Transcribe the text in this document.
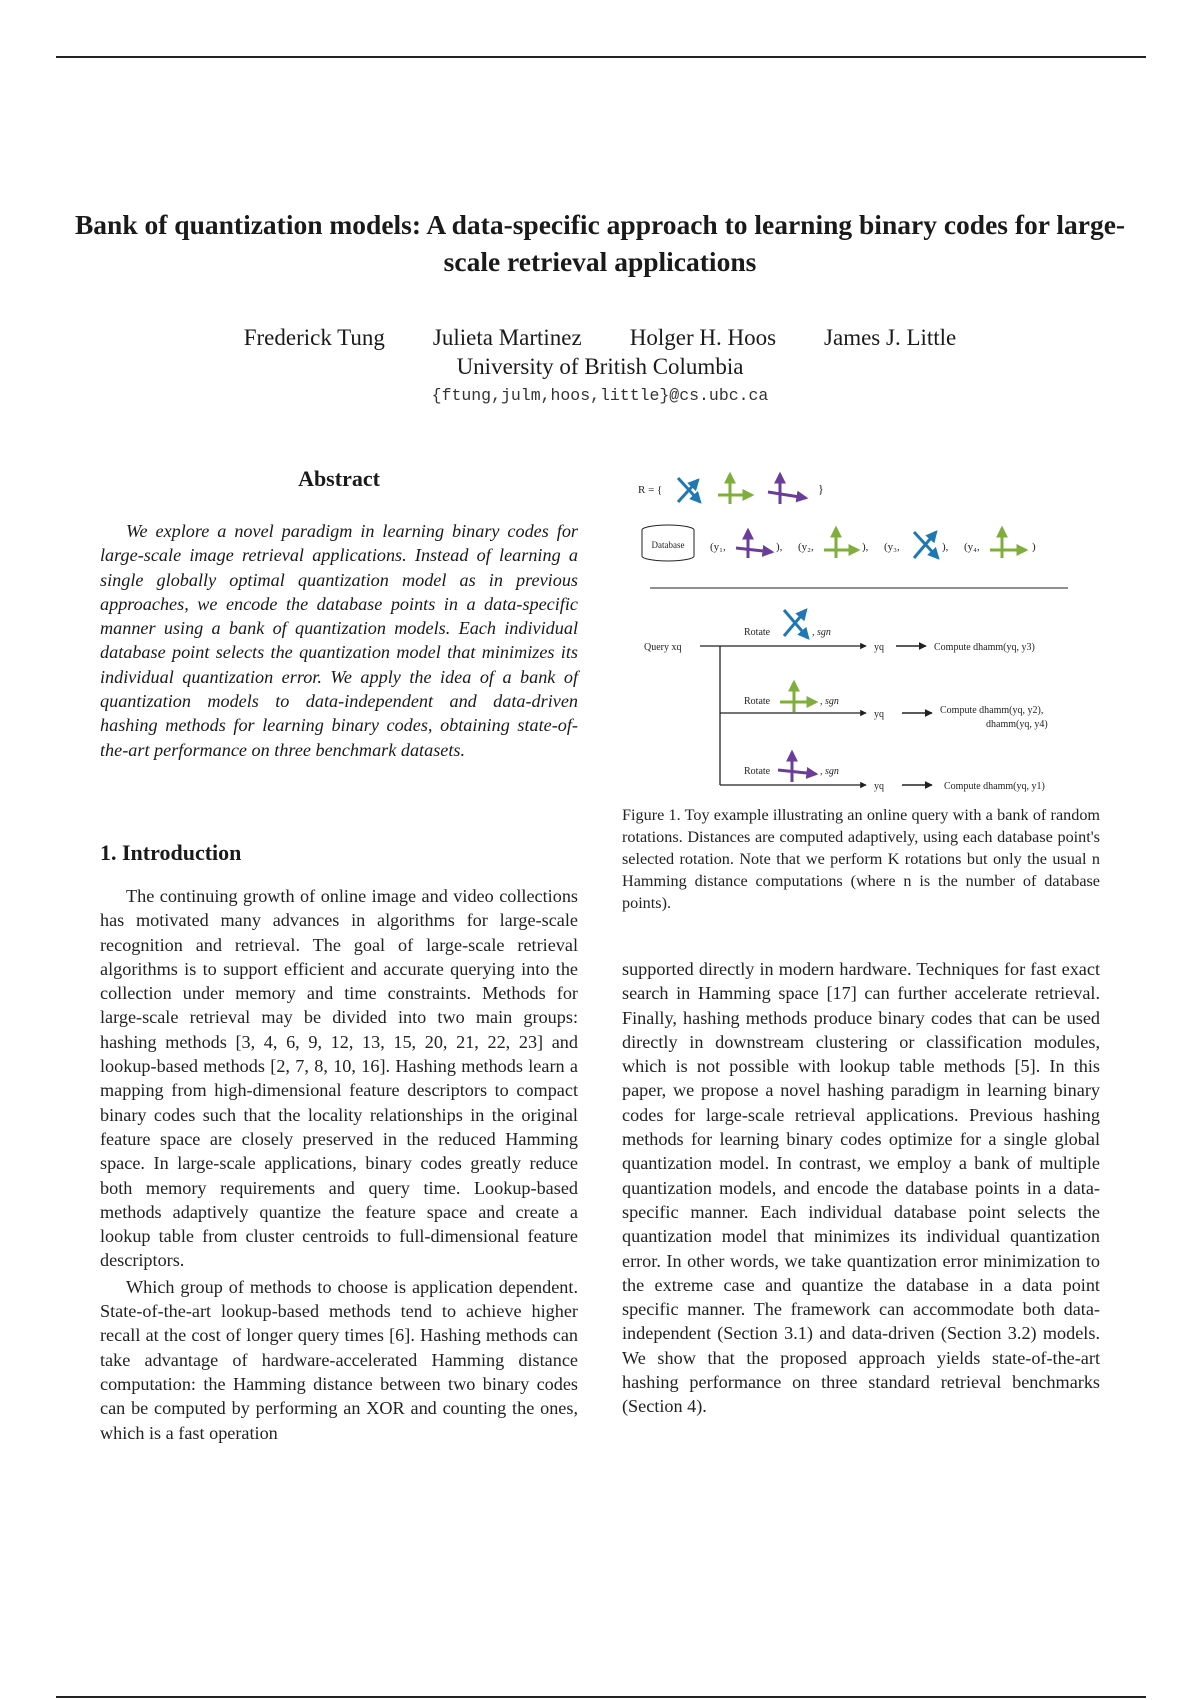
Bank of quantization models: A data-specific approach to learning binary codes for large-scale retrieval applications
Frederick Tung Julieta Martinez Holger H. Hoos James J. Little
University of British Columbia
{ftung,julm,hoos,little}@cs.ubc.ca
Abstract

We explore a novel paradigm in learning binary codes for large-scale image retrieval applications. Instead of learning a single globally optimal quantization model as in previous approaches, we encode the database points in a data-specific manner using a bank of quantization models. Each individual database point selects the quantization model that minimizes its individual quantization error. We apply the idea of a bank of quantization models to data-independent and data-driven hashing methods for learning binary codes, obtaining state-of-the-art performance on three benchmark datasets.

1. Introduction

The continuing growth of online image and video collections has motivated many advances in algorithms for large-scale recognition and retrieval. The goal of large-scale retrieval algorithms is to support efficient and accurate querying into the collection under memory and time constraints. Methods for large-scale retrieval may be divided into two main groups: hashing methods [3, 4, 6, 9, 12, 13, 15, 20, 21, 22, 23] and lookup-based methods [2, 7, 8, 10, 16]. Hashing methods learn a mapping from high-dimensional feature descriptors to compact binary codes such that the locality relationships in the original feature space are closely preserved in the reduced Hamming space. In large-scale applications, binary codes greatly reduce both memory requirements and query time. Lookup-based methods adaptively quantize the feature space and create a lookup table from cluster centroids to full-dimensional feature descriptors.

Which group of methods to choose is application dependent. State-of-the-art lookup-based methods tend to achieve higher recall at the cost of longer query times [6]. Hashing methods can take advantage of hardware-accelerated Hamming distance computation: the Hamming distance between two binary codes can be computed by performing an XOR and counting the ones, which is a fast operation

supported directly in modern hardware. Techniques for fast exact search in Hamming space [17] can further accelerate retrieval. Finally, hashing methods produce binary codes that can be used directly in downstream clustering or classification modules, which is not possible with lookup table methods [5]. In this paper, we propose a novel hashing paradigm in learning binary codes for large-scale retrieval applications. Previous hashing methods for learning binary codes optimize for a single global quantization model. In contrast, we employ a bank of multiple quantization models, and encode the database points in a data-specific manner. Each individual database point selects the quantization model that minimizes its individual quantization error. In other words, we take quantization error minimization to the extreme case and quantize the database in a data point specific manner. The framework can accommodate both data-independent (Section 3.1) and data-driven (Section 3.2) models. We show that the proposed approach yields state-of-the-art hashing performance on three standard retrieval benchmarks (Section 4).

R = {	}
Database (y₁,	), (y₂,	), (y₃,	), (y₄,	)
Query xq
Rotate	, sgn
Rotate	, sgn
Rotate	, sgn
yq
yq
yq
Compute dhamm(yq, y3)
Compute dhamm(yq, y2),
dhamm(yq, y4)
Compute dhamm(yq, y1)

Figure 1. Toy example illustrating an online query with a bank of random rotations. Distances are computed adaptively, using each database point's selected rotation. Note that we perform K rotations but only the usual n Hamming distance computations (where n is the number of database points).
